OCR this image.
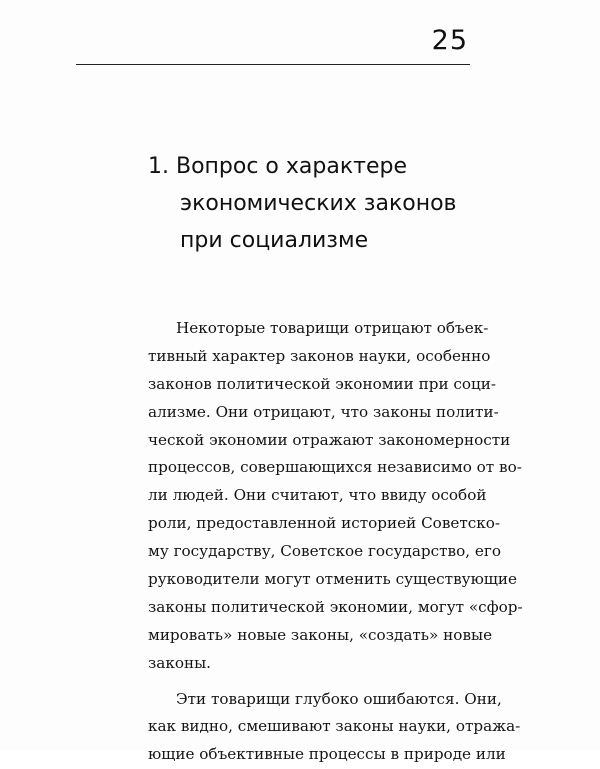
25
1. Вопрос о характере
экономических законов
при социализме
Некоторые товарищи отрицают объек-
тивный характер законов науки, особенно
законов политической экономии при соци-
ализме. Они отрицают, что законы полити-
ческой экономии отражают закономерности
процессов, совершающихся независимо от во-
ли людей. Они считают, что ввиду особой
роли, предоставленной историей Советско-
му государству, Советское государство, его
руководители могут отменить существующие
законы политической экономии, могут «сфор-
мировать» новые законы, «создать» новые
законы.
Эти товарищи глубоко ошибаются. Они,
как видно, смешивают законы науки, отража-
ющие объективные процессы в природе или
